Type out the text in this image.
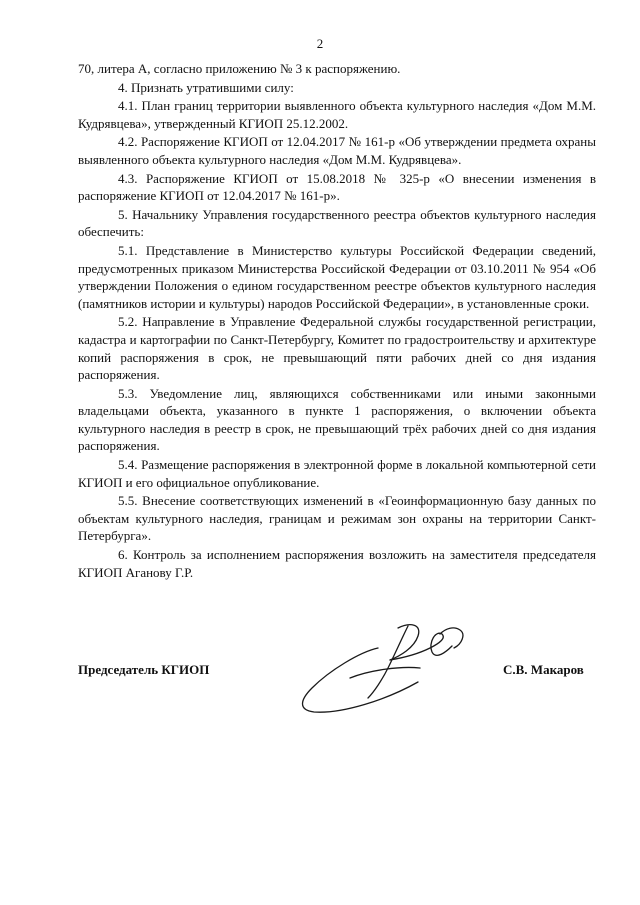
2

70, литера А, согласно приложению № 3 к распоряжению.

4. Признать утратившими силу:

4.1. План границ территории выявленного объекта культурного наследия «Дом М.М. Кудрявцева», утвержденный КГИОП 25.12.2002.

4.2. Распоряжение КГИОП от 12.04.2017 № 161-р «Об утверждении предмета охраны выявленного объекта культурного наследия «Дом М.М. Кудрявцева».

4.3. Распоряжение КГИОП от 15.08.2018 № 325-р «О внесении изменения в распоряжение КГИОП от 12.04.2017 № 161-р».

5. Начальнику Управления государственного реестра объектов культурного наследия обеспечить:

5.1. Представление в Министерство культуры Российской Федерации сведений, предусмотренных приказом Министерства Российской Федерации от 03.10.2011 № 954 «Об утверждении Положения о едином государственном реестре объектов культурного наследия (памятников истории и культуры) народов Российской Федерации», в установленные сроки.

5.2. Направление в Управление Федеральной службы государственной регистрации, кадастра и картографии по Санкт-Петербургу, Комитет по градостроительству и архитектуре копий распоряжения в срок, не превышающий пяти рабочих дней со дня издания распоряжения.

5.3. Уведомление лиц, являющихся собственниками или иными законными владельцами объекта, указанного в пункте 1 распоряжения, о включении объекта культурного наследия в реестр в срок, не превышающий трёх рабочих дней со дня издания распоряжения.

5.4. Размещение распоряжения в электронной форме в локальной компьютерной сети КГИОП и его официальное опубликование.

5.5. Внесение соответствующих изменений в «Геоинформационную базу данных по объектам культурного наследия, границам и режимам зон охраны на территории Санкт-Петербурга».

6. Контроль за исполнением распоряжения возложить на заместителя председателя КГИОП Аганову Г.Р.

Председатель КГИОП	С.В. Макаров
